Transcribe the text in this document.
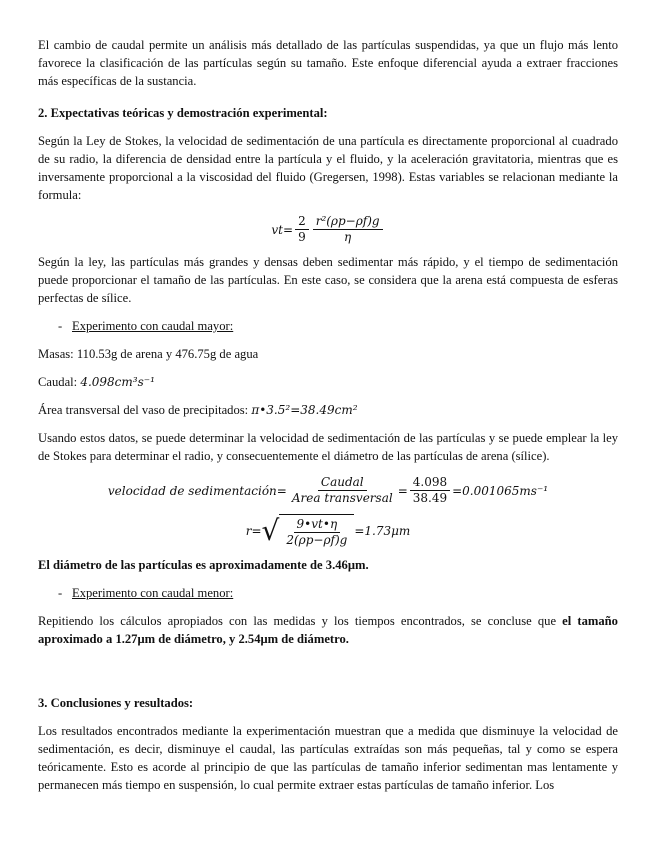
El cambio de caudal permite un análisis más detallado de las partículas suspendidas, ya que un flujo más lento favorece la clasificación de las partículas según su tamaño. Este enfoque diferencial ayuda a extraer fracciones más específicas de la sustancia.

2. Expectativas teóricas y demostración experimental:

Según la Ley de Stokes, la velocidad de sedimentación de una partícula es directamente proporcional al cuadrado de su radio, la diferencia de densidad entre la partícula y el fluido, y la aceleración gravitatoria, mientras que es inversamente proporcional a la viscosidad del fluido (Gregersen, 1998). Estas variables se relacionan mediante la formula:

$vt= \frac{2}{9} \frac{\text{r²(ρp−ρf)g}}{\eta}$

Según la ley, las partículas más grandes y densas deben sedimentar más rápido, y el tiempo de sedimentación puede proporcionar el tamaño de las partículas. En este caso, se considera que la arena está compuesta de esferas perfectas de sílice.

- Experimento con caudal mayor:

Masas: 110.53g de arena y 476.75g de agua

Caudal: 4.098cm³s⁻¹

Área transversal del vaso de precipitados: π•3.5²=38.49cm²

Usando estos datos, se puede determinar la velocidad de sedimentación de las partículas y se puede emplear la ley de Stokes para determinar el radio, y consecuentemente el diámetro de las partículas de arena (sílice).

velocidad de sedimentación= $\frac{\text{Caudal}}{\text{Area transversal}} = \frac{4.098}{38.49} =0.001065ms^{-1}$
r= √ $\frac{9•vt•\eta}{2(\rho p-\rho f)g} =1.73\mu m$

El diámetro de las partículas es aproximadamente de 3.46μm.

- Experimento con caudal menor:

Repitiendo los cálculos apropiados con las medidas y los tiempos encontrados, se concluse que el tamaño aproximado a 1.27μm de diámetro, y 2.54μm de diámetro.

3. Conclusiones y resultados:

Los resultados encontrados mediante la experimentación muestran que a medida que disminuye la velocidad de sedimentación, es decir, disminuye el caudal, las partículas extraídas son más pequeñas, tal y como se espera teóricamente. Esto es acorde al principio de que las partículas de tamaño inferior sedimentan mas lentamente y permanecen más tiempo en suspensión, lo cual permite extraer estas partículas de tamaño inferior. Los
